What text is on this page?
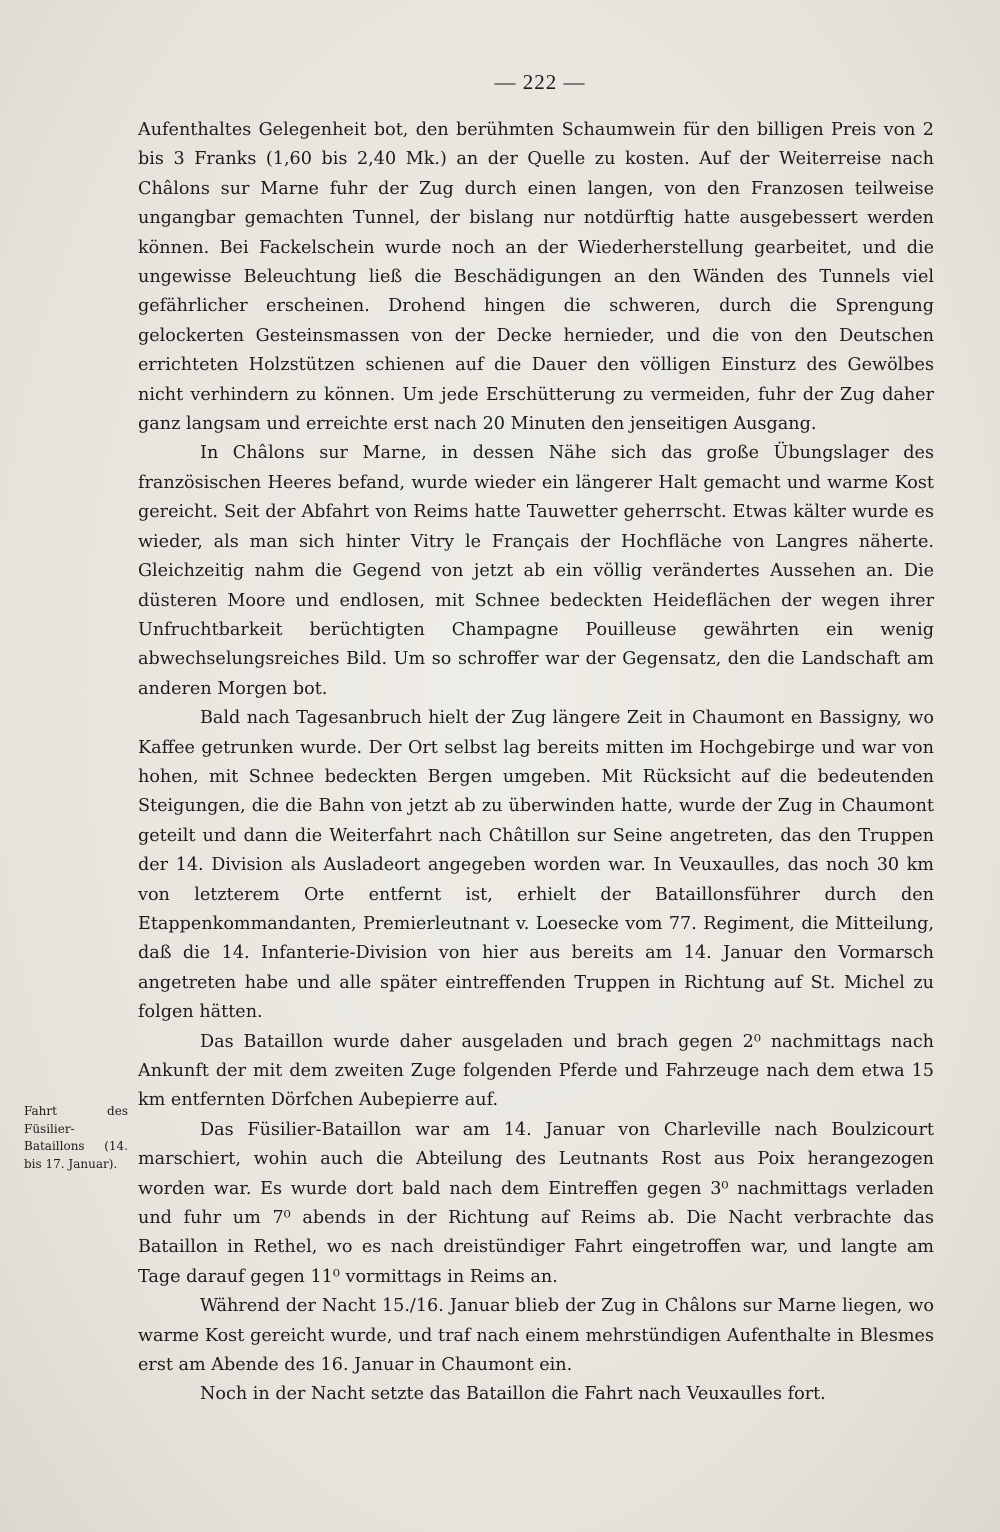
— 222 —

Aufenthaltes Gelegenheit bot, den berühmten Schaumwein für den billigen Preis von 2 bis 3 Franks (1,60 bis 2,40 Mk.) an der Quelle zu kosten. Auf der Weiterreise nach Châlons sur Marne fuhr der Zug durch einen langen, von den Franzosen teilweise ungangbar gemachten Tunnel, der bislang nur notdürftig hatte ausgebessert werden können. Bei Fackelschein wurde noch an der Wiederherstellung gearbeitet, und die ungewisse Beleuchtung ließ die Beschädigungen an den Wänden des Tunnels viel gefährlicher erscheinen. Drohend hingen die schweren, durch die Sprengung gelockerten Gesteinsmassen von der Decke hernieder, und die von den Deutschen errichteten Holzstützen schienen auf die Dauer den völligen Einsturz des Gewölbes nicht verhindern zu können. Um jede Erschütterung zu vermeiden, fuhr der Zug daher ganz langsam und erreichte erst nach 20 Minuten den jenseitigen Ausgang.

In Châlons sur Marne, in dessen Nähe sich das große Übungslager des französischen Heeres befand, wurde wieder ein längerer Halt gemacht und warme Kost gereicht. Seit der Abfahrt von Reims hatte Tauwetter geherrscht. Etwas kälter wurde es wieder, als man sich hinter Vitry le Français der Hochfläche von Langres näherte. Gleichzeitig nahm die Gegend von jetzt ab ein völlig verändertes Aussehen an. Die düsteren Moore und endlosen, mit Schnee bedeckten Heideflächen der wegen ihrer Unfruchtbarkeit berüchtigten Champagne Pouilleuse gewährten ein wenig abwechselungsreiches Bild. Um so schroffer war der Gegensatz, den die Landschaft am anderen Morgen bot.

Bald nach Tagesanbruch hielt der Zug längere Zeit in Chaumont en Bassigny, wo Kaffee getrunken wurde. Der Ort selbst lag bereits mitten im Hochgebirge und war von hohen, mit Schnee bedeckten Bergen umgeben. Mit Rücksicht auf die bedeutenden Steigungen, die die Bahn von jetzt ab zu überwinden hatte, wurde der Zug in Chaumont geteilt und dann die Weiterfahrt nach Châtillon sur Seine angetreten, das den Truppen der 14. Division als Ausladeort angegeben worden war. In Veuxaulles, das noch 30 km von letzterem Orte entfernt ist, erhielt der Bataillonsführer durch den Etappenkommandanten, Premierleutnant v. Loesecke vom 77. Regiment, die Mitteilung, daß die 14. Infanterie-Division von hier aus bereits am 14. Januar den Vormarsch angetreten habe und alle später eintreffenden Truppen in Richtung auf St. Michel zu folgen hätten.

Das Bataillon wurde daher ausgeladen und brach gegen 2⁰ nachmittags nach Ankunft der mit dem zweiten Zuge folgenden Pferde und Fahrzeuge nach dem etwa 15 km entfernten Dörfchen Aubepierre auf.

Das Füsilier-Bataillon war am 14. Januar von Charleville nach Boulzicourt marschiert, wohin auch die Abteilung des Leutnants Rost aus Poix herangezogen worden war. Es wurde dort bald nach dem Eintreffen gegen 3⁰ nachmittags verladen und fuhr um 7⁰ abends in der Richtung auf Reims ab. Die Nacht verbrachte das Bataillon in Rethel, wo es nach dreistündiger Fahrt eingetroffen war, und langte am Tage darauf gegen 11⁰ vormittags in Reims an.

Während der Nacht 15./16. Januar blieb der Zug in Châlons sur Marne liegen, wo warme Kost gereicht wurde, und traf nach einem mehrstündigen Aufenthalte in Blesmes erst am Abende des 16. Januar in Chaumont ein.

Noch in der Nacht setzte das Bataillon die Fahrt nach Veuxaulles fort.

Fahrt des Füsilier-Bataillons (14. bis 17. Januar).
